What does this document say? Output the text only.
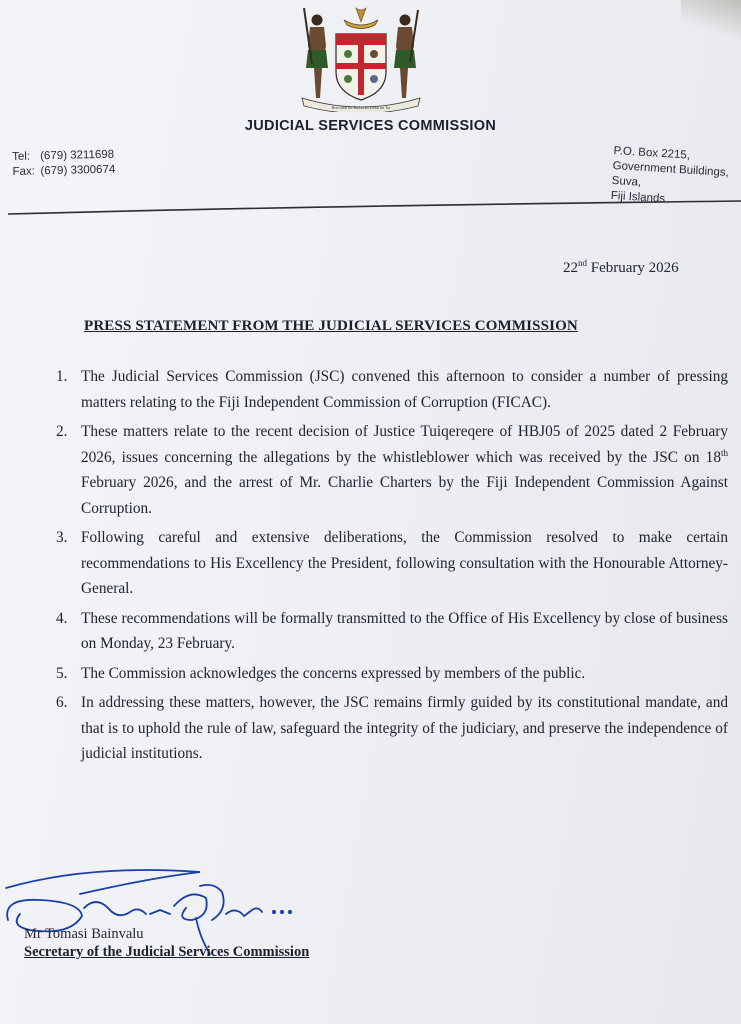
Rerevaka na Kalou ka Doka na Tui
JUDICIAL SERVICES COMMISSION
Tel: (679) 3211698
Fax: (679) 3300674
P.O. Box 2215,
Government Buildings,
Suva,
Fiji Islands
22nd February 2026
PRESS STATEMENT FROM THE JUDICIAL SERVICES COMMISSION
1. The Judicial Services Commission (JSC) convened this afternoon to consider a number of pressing matters relating to the Fiji Independent Commission of Corruption (FICAC).
2. These matters relate to the recent decision of Justice Tuiqereqere of HBJ05 of 2025 dated 2 February 2026, issues concerning the allegations by the whistleblower which was received by the JSC on 18th February 2026, and the arrest of Mr. Charlie Charters by the Fiji Independent Commission Against Corruption.
3. Following careful and extensive deliberations, the Commission resolved to make certain recommendations to His Excellency the President, following consultation with the Honourable Attorney-General.
4. These recommendations will be formally transmitted to the Office of His Excellency by close of business on Monday, 23 February.
5. The Commission acknowledges the concerns expressed by members of the public.
6. In addressing these matters, however, the JSC remains firmly guided by its constitutional mandate, and that is to uphold the rule of law, safeguard the integrity of the judiciary, and preserve the independence of judicial institutions.
Mr Tomasi Bainvalu
Secretary of the Judicial Services Commission
